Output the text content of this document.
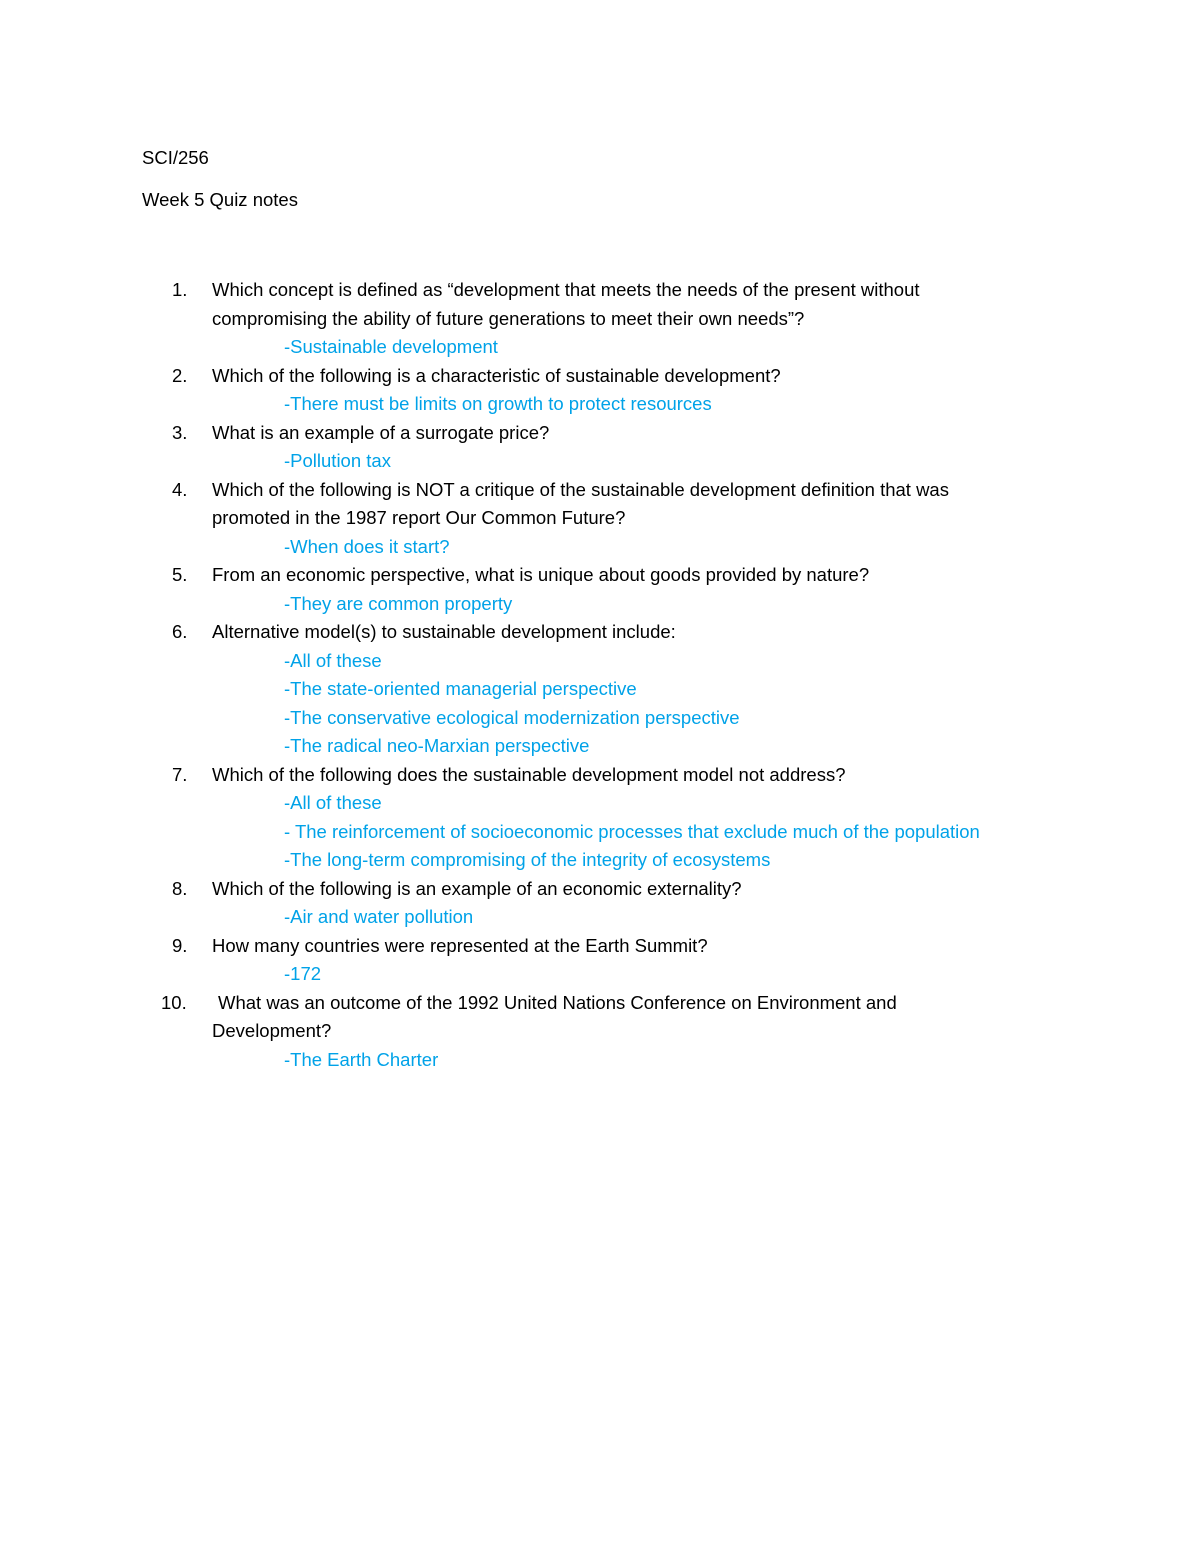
SCI/256
Week 5 Quiz notes
1.	Which concept is defined as “development that meets the needs of the present without compromising the ability of future generations to meet their own needs”?
-Sustainable development
2.	Which of the following is a characteristic of sustainable development?
-There must be limits on growth to protect resources
3.	What is an example of a surrogate price?
-Pollution tax
4.	Which of the following is NOT a critique of the sustainable development definition that was promoted in the 1987 report Our Common Future?
-When does it start?
5.	From an economic perspective, what is unique about goods provided by nature?
-They are common property
6.	Alternative model(s) to sustainable development include:
-All of these
-The state-oriented managerial perspective
-The conservative ecological modernization perspective
-The radical neo-Marxian perspective
7.	Which of the following does the sustainable development model not address?
-All of these
- The reinforcement of socioeconomic processes that exclude much of the population
-The long-term compromising of the integrity of ecosystems
8.	Which of the following is an example of an economic externality?
-Air and water pollution
9.	How many countries were represented at the Earth Summit?
-172
10.	What was an outcome of the 1992 United Nations Conference on Environment and Development?
-The Earth Charter
